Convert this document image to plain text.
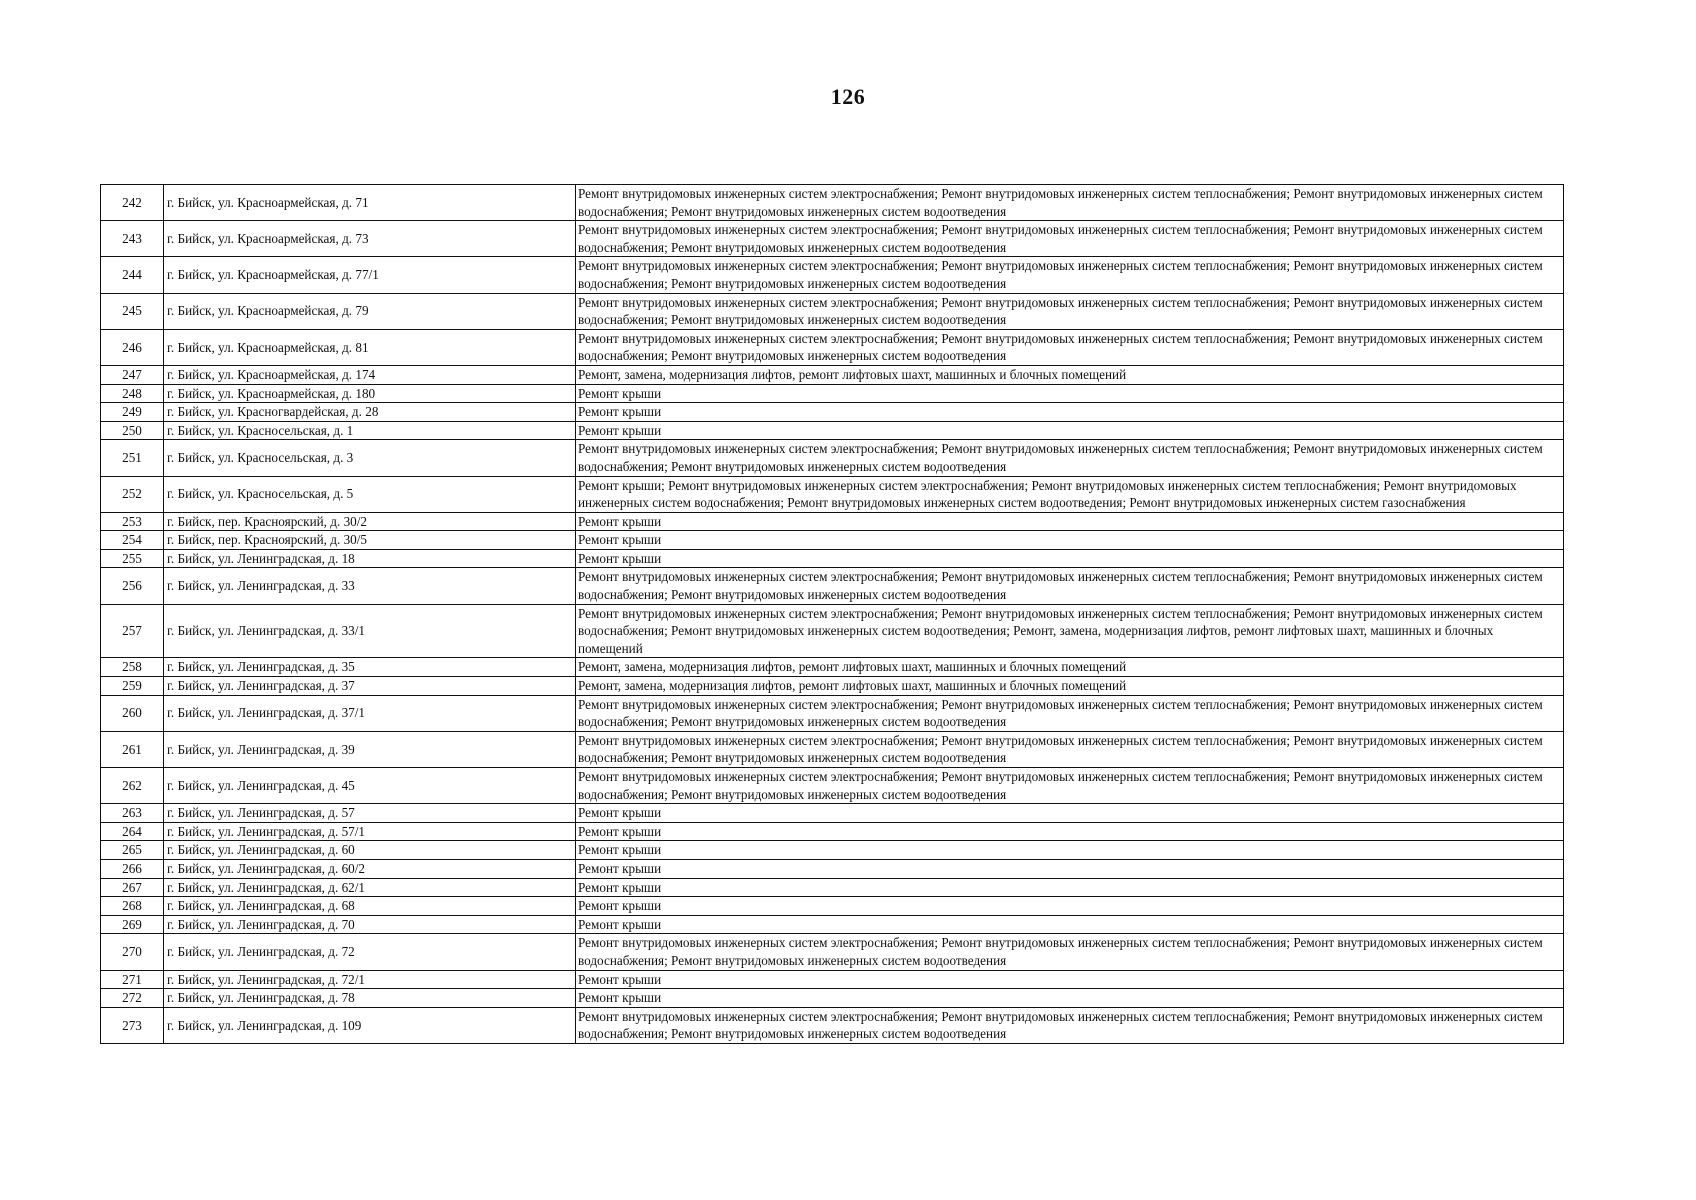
126
242	г. Бийск, ул. Красноармейская, д. 71	Ремонт внутридомовых инженерных систем электроснабжения; Ремонт внутридомовых инженерных систем теплоснабжения; Ремонт внутридомовых инженерных систем водоснабжения; Ремонт внутридомовых инженерных систем водоотведения
243	г. Бийск, ул. Красноармейская, д. 73	Ремонт внутридомовых инженерных систем электроснабжения; Ремонт внутридомовых инженерных систем теплоснабжения; Ремонт внутридомовых инженерных систем водоснабжения; Ремонт внутридомовых инженерных систем водоотведения
244	г. Бийск, ул. Красноармейская, д. 77/1	Ремонт внутридомовых инженерных систем электроснабжения; Ремонт внутридомовых инженерных систем теплоснабжения; Ремонт внутридомовых инженерных систем водоснабжения; Ремонт внутридомовых инженерных систем водоотведения
245	г. Бийск, ул. Красноармейская, д. 79	Ремонт внутридомовых инженерных систем электроснабжения; Ремонт внутридомовых инженерных систем теплоснабжения; Ремонт внутридомовых инженерных систем водоснабжения; Ремонт внутридомовых инженерных систем водоотведения
246	г. Бийск, ул. Красноармейская, д. 81	Ремонт внутридомовых инженерных систем электроснабжения; Ремонт внутридомовых инженерных систем теплоснабжения; Ремонт внутридомовых инженерных систем водоснабжения; Ремонт внутридомовых инженерных систем водоотведения
247	г. Бийск, ул. Красноармейская, д. 174	Ремонт, замена, модернизация лифтов, ремонт лифтовых шахт, машинных и блочных помещений
248	г. Бийск, ул. Красноармейская, д. 180	Ремонт крыши
249	г. Бийск, ул. Красногвардейская, д. 28	Ремонт крыши
250	г. Бийск, ул. Красносельская, д. 1	Ремонт крыши
251	г. Бийск, ул. Красносельская, д. 3	Ремонт внутридомовых инженерных систем электроснабжения; Ремонт внутридомовых инженерных систем теплоснабжения; Ремонт внутридомовых инженерных систем водоснабжения; Ремонт внутридомовых инженерных систем водоотведения
252	г. Бийск, ул. Красносельская, д. 5	Ремонт крыши; Ремонт внутридомовых инженерных систем электроснабжения; Ремонт внутридомовых инженерных систем теплоснабжения; Ремонт внутридомовых инженерных систем водоснабжения; Ремонт внутридомовых инженерных систем водоотведения; Ремонт внутридомовых инженерных систем газоснабжения
253	г. Бийск, пер. Красноярский, д. 30/2	Ремонт крыши
254	г. Бийск, пер. Красноярский, д. 30/5	Ремонт крыши
255	г. Бийск, ул. Ленинградская, д. 18	Ремонт крыши
256	г. Бийск, ул. Ленинградская, д. 33	Ремонт внутридомовых инженерных систем электроснабжения; Ремонт внутридомовых инженерных систем теплоснабжения; Ремонт внутридомовых инженерных систем водоснабжения; Ремонт внутридомовых инженерных систем водоотведения
257	г. Бийск, ул. Ленинградская, д. 33/1	Ремонт внутридомовых инженерных систем электроснабжения; Ремонт внутридомовых инженерных систем теплоснабжения; Ремонт внутридомовых инженерных систем водоснабжения; Ремонт внутридомовых инженерных систем водоотведения; Ремонт, замена, модернизация лифтов, ремонт лифтовых шахт, машинных и блочных помещений
258	г. Бийск, ул. Ленинградская, д. 35	Ремонт, замена, модернизация лифтов, ремонт лифтовых шахт, машинных и блочных помещений
259	г. Бийск, ул. Ленинградская, д. 37	Ремонт, замена, модернизация лифтов, ремонт лифтовых шахт, машинных и блочных помещений
260	г. Бийск, ул. Ленинградская, д. 37/1	Ремонт внутридомовых инженерных систем электроснабжения; Ремонт внутридомовых инженерных систем теплоснабжения; Ремонт внутридомовых инженерных систем водоснабжения; Ремонт внутридомовых инженерных систем водоотведения
261	г. Бийск, ул. Ленинградская, д. 39	Ремонт внутридомовых инженерных систем электроснабжения; Ремонт внутридомовых инженерных систем теплоснабжения; Ремонт внутридомовых инженерных систем водоснабжения; Ремонт внутридомовых инженерных систем водоотведения
262	г. Бийск, ул. Ленинградская, д. 45	Ремонт внутридомовых инженерных систем электроснабжения; Ремонт внутридомовых инженерных систем теплоснабжения; Ремонт внутридомовых инженерных систем водоснабжения; Ремонт внутридомовых инженерных систем водоотведения
263	г. Бийск, ул. Ленинградская, д. 57	Ремонт крыши
264	г. Бийск, ул. Ленинградская, д. 57/1	Ремонт крыши
265	г. Бийск, ул. Ленинградская, д. 60	Ремонт крыши
266	г. Бийск, ул. Ленинградская, д. 60/2	Ремонт крыши
267	г. Бийск, ул. Ленинградская, д. 62/1	Ремонт крыши
268	г. Бийск, ул. Ленинградская, д. 68	Ремонт крыши
269	г. Бийск, ул. Ленинградская, д. 70	Ремонт крыши
270	г. Бийск, ул. Ленинградская, д. 72	Ремонт внутридомовых инженерных систем электроснабжения; Ремонт внутридомовых инженерных систем теплоснабжения; Ремонт внутридомовых инженерных систем водоснабжения; Ремонт внутридомовых инженерных систем водоотведения
271	г. Бийск, ул. Ленинградская, д. 72/1	Ремонт крыши
272	г. Бийск, ул. Ленинградская, д. 78	Ремонт крыши
273	г. Бийск, ул. Ленинградская, д. 109	Ремонт внутридомовых инженерных систем электроснабжения; Ремонт внутридомовых инженерных систем теплоснабжения; Ремонт внутридомовых инженерных систем водоснабжения; Ремонт внутридомовых инженерных систем водоотведения
